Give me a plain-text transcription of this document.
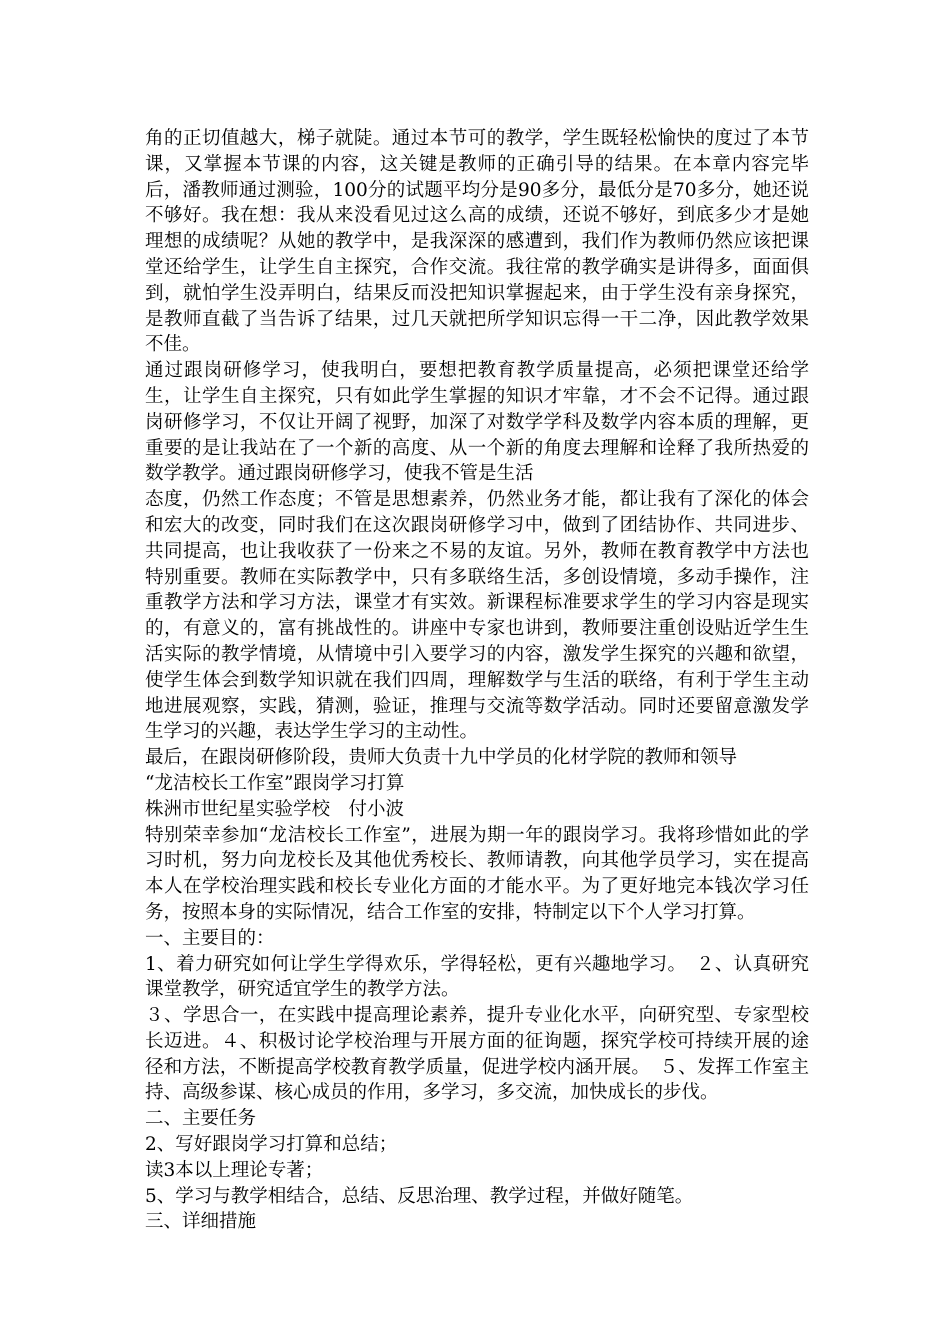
角的正切值越大，梯子就陡。通过本节可的教学，学生既轻松愉快的度过了本节课，又掌握本节课的内容，这关键是教师的正确引导的结果。在本章内容完毕后，潘教师通过测验，100分的试题平均分是90多分，最低分是70多分，她还说不够好。我在想：我从来没看见过这么高的成绩，还说不够好，到底多少才是她理想的成绩呢？从她的教学中，是我深深的感遭到，我们作为教师仍然应该把课堂还给学生，让学生自主探究，合作交流。我往常的教学确实是讲得多，面面俱到，就怕学生没弄明白，结果反而没把知识掌握起来，由于学生没有亲身探究，是教师直截了当告诉了结果，过几天就把所学知识忘得一干二净，因此教学效果不佳。

通过跟岗研修学习，使我明白，要想把教育教学质量提高，必须把课堂还给学生，让学生自主探究，只有如此学生掌握的知识才牢靠，才不会不记得。通过跟岗研修学习，不仅让开阔了视野，加深了对数学学科及数学内容本质的理解，更重要的是让我站在了一个新的高度、从一个新的角度去理解和诠释了我所热爱的数学教学。通过跟岗研修学习，使我不管是生活

态度，仍然工作态度；不管是思想素养，仍然业务才能，都让我有了深化的体会和宏大的改变，同时我们在这次跟岗研修学习中，做到了团结协作、共同进步、共同提高，也让我收获了一份来之不易的友谊。另外，教师在教育教学中方法也特别重要。教师在实际教学中，只有多联络生活，多创设情境，多动手操作，注重教学方法和学习方法，课堂才有实效。新课程标准要求学生的学习内容是现实的，有意义的，富有挑战性的。讲座中专家也讲到，教师要注重创设贴近学生生活实际的教学情境，从情境中引入要学习的内容，激发学生探究的兴趣和欲望，使学生体会到数学知识就在我们四周，理解数学与生活的联络，有利于学生主动地进展观察，实践，猜测，验证，推理与交流等数学活动。同时还要留意激发学生学习的兴趣，表达学生学习的主动性。

最后，在跟岗研修阶段，贵师大负责十九中学员的化材学院的教师和领导

“龙洁校长工作室”跟岗学习打算

株洲市世纪星实验学校　付小波

特别荣幸参加“龙洁校长工作室”，进展为期一年的跟岗学习。我将珍惜如此的学习时机，努力向龙校长及其他优秀校长、教师请教，向其他学员学习，实在提高本人在学校治理实践和校长专业化方面的才能水平。为了更好地完本钱次学习任务，按照本身的实际情况，结合工作室的安排，特制定以下个人学习打算。

一、主要目的：

1、着力研究如何让学生学得欢乐，学得轻松，更有兴趣地学习。　２、认真研究课堂教学，研究适宜学生的教学方法。

３、学思合一，在实践中提高理论素养，提升专业化水平，向研究型、专家型校长迈进。４、积极讨论学校治理与开展方面的征询题，探究学校可持续开展的途径和方法，不断提高学校教育教学质量，促进学校内涵开展。　５、发挥工作室主持、高级参谋、核心成员的作用，多学习，多交流，加快成长的步伐。

二、主要任务

2、写好跟岗学习打算和总结；

读3本以上理论专著；

5、学习与教学相结合，总结、反思治理、教学过程，并做好随笔。

三、详细措施
